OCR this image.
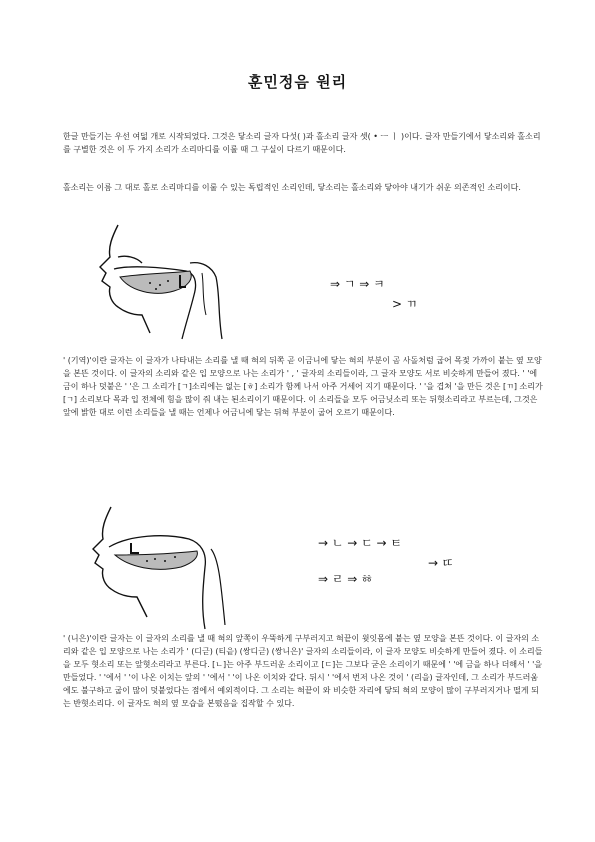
훈민정음 원리

한글 만들기는 우선 여덟 개로 시작되었다. 그것은 닿소리 글자 다섯( )과 홀소리 글자 셋( • ㅡ ㅣ )이다. 글자 만들기에서 닿소리와 홀소리를 구별한 것은 이 두 가지 소리가 소리마디를 이룰 때 그 구실이 다르기 때문이다.

홀소리는 이름 그 대로 홀로 소리마디를 이룰 수 있는 독립적인 소리인데, 닿소리는 홀소리와 닿아야 내기가 쉬운 의존적인 소리이다.

⇒ ㄱ ⇒ ㅋ
> ㄲ

' (기역)'이란 글자는 이 글자가 나타내는 소리를 낼 때 혀의 뒤쪽 곧 이금니에 닿는 혀의 부분이 곰 사돌처럼 굽어 목젖 가까이 붙는 옆 모양을 본뜬 것이다. 이 글자의 소리와 같은 입 모양으로 나는 소리가 ' , ' 글자의 소리들이라, 그 글자 모양도 서로 비슷하게 만들어 졌다. ' '에 금이 하나 덧붙은 ' '은 그 소리가 [ㄱ]소리에는 없는 [ㅎ] 소리가 함께 나서 아주 거세어 지기 때문이다. ' '을 겹쳐 '을 만든 것은 [ㄲ] 소리가 [ㄱ] 소리보다 목과 입 전체에 힘을 많이 줘 내는 된소리이기 때문이다. 이 소리들을 모두 어금닛소리 또는 뒤혓소리라고 부르는데, 그것은 앞에 밝한 대로 이런 소리들을 낼 때는 언제나 어금니에 닿는 뒤혀 부분이 굽어 오르기 때문이다.

→ ㄴ → ㄷ → ㅌ
→ ㄸ
⇒ ㄹ ⇒ ㆅ

' (니은)'이란 글자는 이 글자의 소리를 낼 때 혀의 앞쪽이 우뚝하게 구부러지고 혀끝이 윗잇몸에 붙는 옆 모양을 본뜬 것이다. 이 글자의 소리와 같은 입 모양으로 나는 소리가 ' (디귿) (티읕) (쌍디귿) (쌍니은)' 글자의 소리들이라, 이 글자 모양도 비슷하게 만들어 졌다. 이 소리들을 모두 혓소리 또는 앞혓소리라고 부른다. [ㄴ]는 아주 부드러운 소리이고 [ㄷ]는 그보다 굳은 소리이기 때문에 ' '에 금을 하나 더해서 ' '을 만들었다. ' '에서 ' '이 나온 이치는 앞의 ' '에서 ' '이 나온 이치와 같다. 뒤시 ' '에서 번저 나온 것이 ' (리을) 글자인데, 그 소리가 부드러움에도 불구하고 굽이 많이 덧붙었다는 점에서 예외적이다. 그 소리는 혀끝이 와 비슷한 자리에 닿되 혀의 모양이 많이 구부러지거나 떨게 되는 반혓소리다. 이 글자도 혀의 옆 모습을 본떴음을 집작할 수 있다.
